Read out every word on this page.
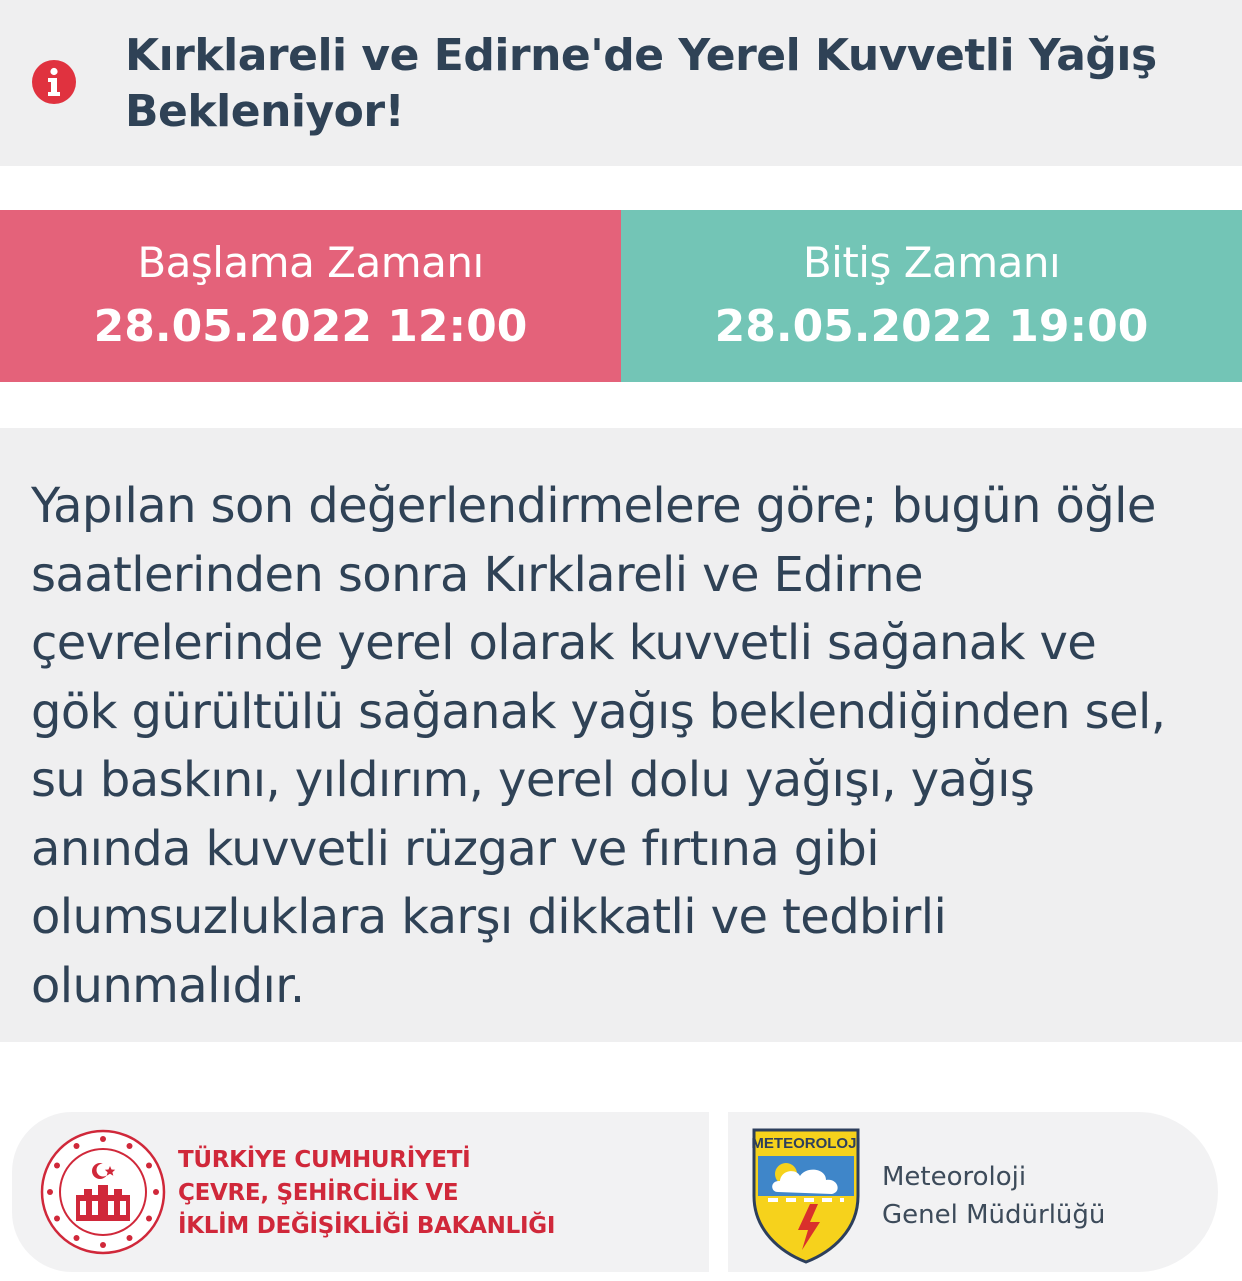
Kırklareli ve Edirne'de Yerel Kuvvetli Yağış Bekleniyor!
Başlama Zamanı
28.05.2022 12:00
Bitiş Zamanı
28.05.2022 19:00
Yapılan son değerlendirmelere göre; bugün öğle saatlerinden sonra Kırklareli ve Edirne çevrelerinde yerel olarak kuvvetli sağanak ve gök gürültülü sağanak yağış beklendiğinden sel, su baskını, yıldırım, yerel dolu yağışı, yağış anında kuvvetli rüzgar ve fırtına gibi olumsuzluklara karşı dikkatli ve tedbirli olunmalıdır.
TÜRKİYE CUMHURİYETİ
ÇEVRE, ŞEHİRCİLİK VE
İKLİM DEĞİŞİKLİĞİ BAKANLIĞI
METEOROLOJİ
Meteoroloji
Genel Müdürlüğü
